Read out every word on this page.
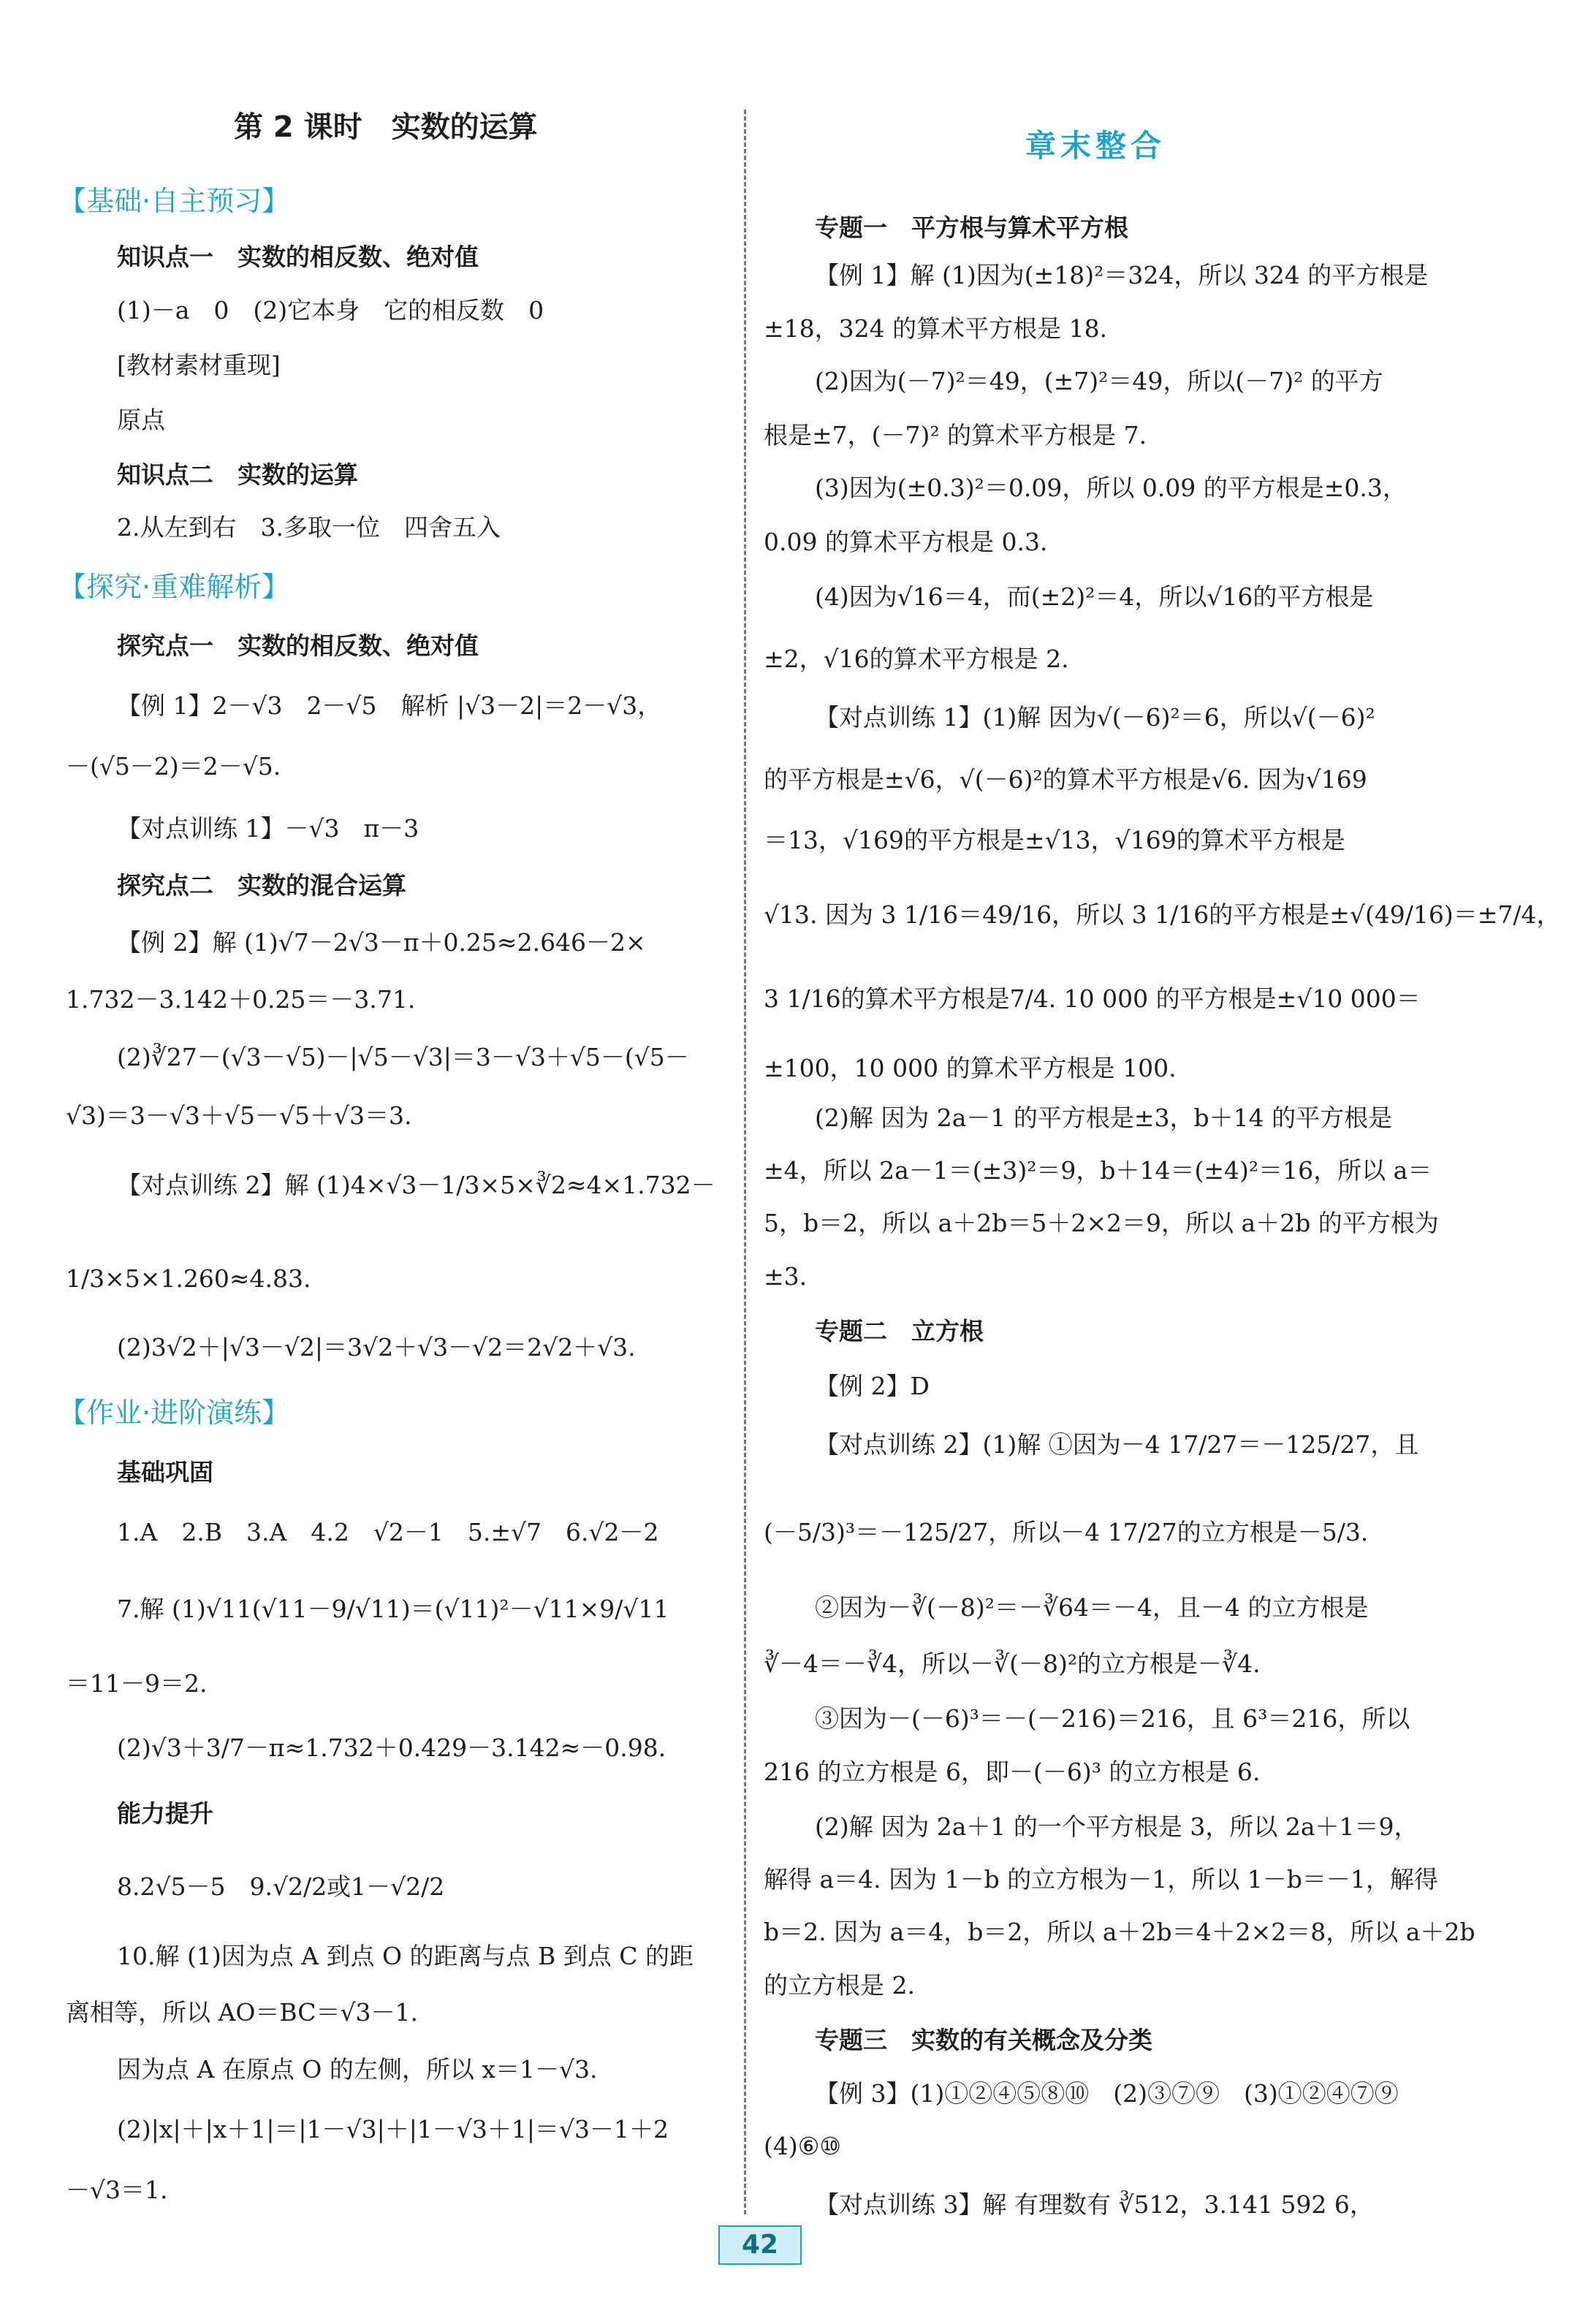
第 2 课时　实数的运算
【基础·自主预习】
知识点一　实数的相反数、绝对值
(1)－a　0　(2)它本身　它的相反数　0
[教材素材重现]
原点
知识点二　实数的运算
2.从左到右　3.多取一位　四舍五入
【探究·重难解析】
探究点一　实数的相反数、绝对值
【例 1】2－√3　2－√5　解析 |√3－2|＝2－√3，
－(√5－2)＝2－√5.
【对点训练 1】－√3　π－3
探究点二　实数的混合运算
【例 2】解 (1)√7－2√3－π＋0.25≈2.646－2×
1.732－3.142＋0.25＝－3.71.
(2)∛27－(√3－√5)－|√5－√3|＝3－√3＋√5－(√5－
√3)＝3－√3＋√5－√5＋√3＝3.
【对点训练 2】解 (1)4×√3－1/3×5×∛2≈4×1.732－
1/3×5×1.260≈4.83.
(2)3√2＋|√3－√2|＝3√2＋√3－√2＝2√2＋√3.
【作业·进阶演练】
基础巩固
1.A　2.B　3.A　4.2　√2－1　5.±√7　6.√2－2
7.解 (1)√11(√11－9/√11)＝(√11)²－√11×9/√11
＝11－9＝2.
(2)√3＋3/7－π≈1.732＋0.429－3.142≈－0.98.
能力提升
8.2√5－5　9.√2/2或1－√2/2
10.解 (1)因为点 A 到点 O 的距离与点 B 到点 C 的距
离相等，所以 AO＝BC＝√3－1.
因为点 A 在原点 O 的左侧，所以 x＝1－√3.
(2)|x|＋|x＋1|＝|1－√3|＋|1－√3＋1|＝√3－1＋2
－√3＝1.
章末整合
专题一　平方根与算术平方根
【例 1】解 (1)因为(±18)²＝324，所以 324 的平方根是
±18，324 的算术平方根是 18.
(2)因为(－7)²＝49，(±7)²＝49，所以(－7)² 的平方
根是±7，(－7)² 的算术平方根是 7.
(3)因为(±0.3)²＝0.09，所以 0.09 的平方根是±0.3，
0.09 的算术平方根是 0.3.
(4)因为√16＝4，而(±2)²＝4，所以√16的平方根是
±2，√16的算术平方根是 2.
【对点训练 1】(1)解 因为√(－6)²＝6，所以√(－6)²
的平方根是±√6，√(－6)²的算术平方根是√6. 因为√169
＝13，√169的平方根是±√13，√169的算术平方根是
√13. 因为 3 1/16＝49/16，所以 3 1/16的平方根是±√(49/16)＝±7/4，
3 1/16的算术平方根是7/4. 10 000 的平方根是±√10 000＝
±100，10 000 的算术平方根是 100.
(2)解 因为 2a－1 的平方根是±3，b＋14 的平方根是
±4，所以 2a－1＝(±3)²＝9，b＋14＝(±4)²＝16，所以 a＝
5，b＝2，所以 a＋2b＝5＋2×2＝9，所以 a＋2b 的平方根为
±3.
专题二　立方根
【例 2】D
【对点训练 2】(1)解 ①因为－4 17/27＝－125/27，且
(－5/3)³＝－125/27，所以－4 17/27的立方根是－5/3.
②因为－∛(－8)²＝－∛64＝－4，且－4 的立方根是
∛－4＝－∛4，所以－∛(－8)²的立方根是－∛4.
③因为－(－6)³＝－(－216)＝216，且 6³＝216，所以
216 的立方根是 6，即－(－6)³ 的立方根是 6.
(2)解 因为 2a＋1 的一个平方根是 3，所以 2a＋1＝9，
解得 a＝4. 因为 1－b 的立方根为－1，所以 1－b＝－1，解得
b＝2. 因为 a＝4，b＝2，所以 a＋2b＝4＋2×2＝8，所以 a＋2b
的立方根是 2.
专题三　实数的有关概念及分类
【例 3】(1)①②④⑤⑧⑩　(2)③⑦⑨　(3)①②④⑦⑨
(4)⑥⑩
【对点训练 3】解 有理数有 ∛512，3.141 592 6，
42
